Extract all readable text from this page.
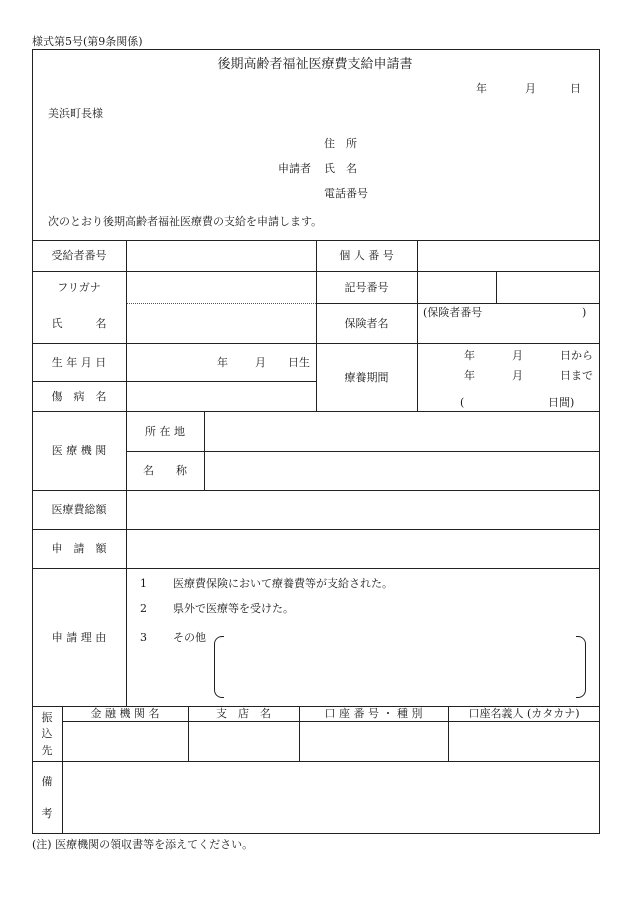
様式第5号(第9条関係)
後期高齢者福祉医療費支給申請書
年	月	日
美浜町長様
住　所
申請者 氏　名
電話番号
次のとおり後期高齢者福祉医療費の支給を申請します。
受給者番号	個 人 番 号
フリガナ	記号番号
氏　　　名	保険者名
(保険者番号	)
生 年 月 日	年 月 日生
療養期間
年	月	日から
年	月	日まで
(	日間)
傷　病　名
医 療 機 関
所 在 地
名　　称
医療費総額
申　請　額
申 請 理 由
1 医療費保険において療養費等が支給された。
2 県外で医療等を受けた。
3 その他
振
込
先
金 融 機 関 名	支　店　名	口 座 番 号 ・ 種 別	口座名義人 (カタカナ)
備
考
(注) 医療機関の領収書等を添えてください。
